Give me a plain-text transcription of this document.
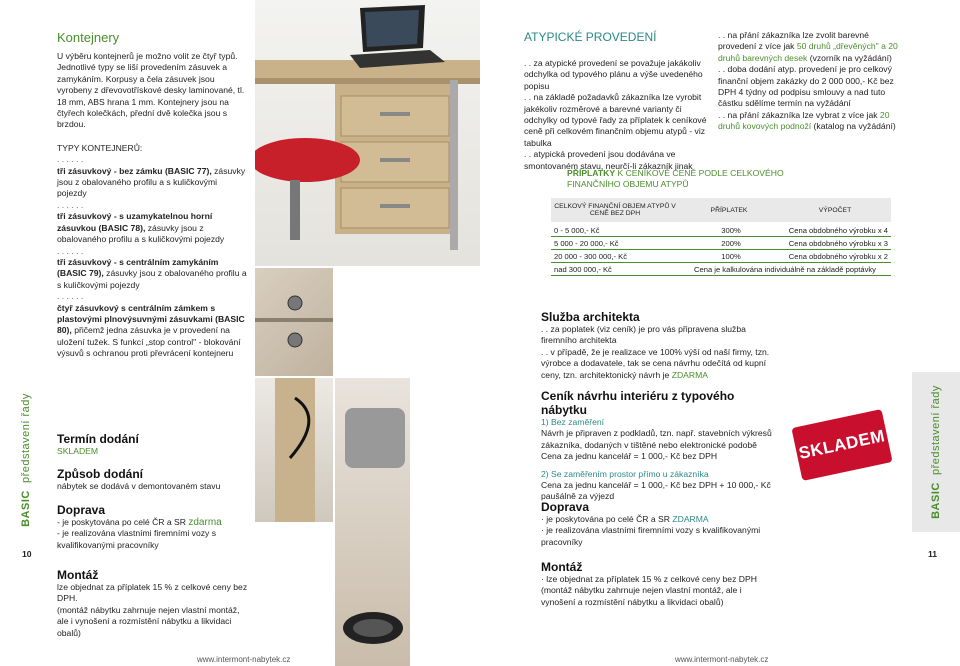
Kontejnery
U výběru kontejnerů je možno volit ze čtyř typů. Jednotlivé typy se liší provedením zásuvek a zamykáním. Korpusy a čela zásuvek jsou vyrobeny z dřevovotřískové desky laminované, tl. 18 mm, ABS hrana 1 mm. Kontejnery jsou na čtyřech kolečkách, přední dvě kolečka jsou s brzdou.
TYPY KONTEJNERŮ:
. . . . . .
tři zásuvkový - bez zámku (BASIC 77), zásuvky jsou z obalovaného profilu a s kuličkovými pojezdy
. . . . . .
tři zásuvkový - s uzamykatelnou horní zásuvkou (BASIC 78), zásuvky jsou z obalovaného profilu a s kuličkovými pojezdy
. . . . . .
tři zásuvkový - s centrálním zamykáním (BASIC 79), zásuvky jsou z obalovaného profilu a s kuličkovými pojezdy
. . . . . .
čtyř zásuvkový s centrálním zámkem s plastovými plnovýsuvnými zásuvkami (BASIC 80), přičemž jedna zásuvka je v provedení na uložení tužek. S funkcí „stop control" - blokování výsuvů s ochranou proti převrácení kontejneru
Termín dodání
SKLADEM
Způsob dodání
nábytek se dodává v demontovaném stavu
Doprava
- je poskytována po celé ČR a SR zdarma
- je realizována vlastními firemními vozy s kvalifikovanými pracovníky
Montáž
lze objednat za příplatek 15 % z celkové ceny bez DPH.
(montáž nábytku zahrnuje nejen vlastní montáž,
ale i vynošení a rozmístění nábytku a likvidaci obalů)
BASIC  představení řady
10
www.intermont-nabytek.cz
ATYPICKÉ PROVEDENÍ
. . za atypické provedení se považuje jakákoliv odchylka od typového plánu a výše uvedeného popisu
. . na základě požadavků zákazníka lze vyrobit jakékoliv rozměrové a barevné varianty či odchylky od typové řady za příplatek k ceníkové ceně při celkovém finančním objemu atypů - viz tabulka
. . atypická provedení jsou dodávána ve smontovaném stavu, neurčí-li zákazník jinak
. . na přání zákazníka lze zvolit barevné provedení z více jak 50 druhů „dřevěných" a 20 druhů barevných desek (vzorník na vyžádání)
. . doba dodání atyp. provedení je pro celkový finanční objem zakázky do 2 000 000,- Kč bez DPH 4 týdny od podpisu smlouvy a nad tuto částku sdělíme termín na vyžádání
. . na přání zákazníka lze vybrat z více jak 20 druhů kovových podnoží (katalog na vyžádání)
PŘÍPLATKY K CENÍKOVÉ CENĚ PODLE CELKOVÉHO FINANČNÍHO OBJEMU ATYPŮ
CELKOVÝ FINANČNÍ OBJEM ATYPŮ V CENĚ BEZ DPH	PŘÍPLATEK	VÝPOČET
0 - 5 000,- Kč	300%	Cena obdobného výrobku x 4
5 000 - 20 000,- Kč	200%	Cena obdobného výrobku x 3
20 000 - 300 000,- Kč	100%	Cena obdobného výrobku x 2
nad 300 000,- Kč	Cena je kalkulována individuálně na základě poptávky	
Služba architekta
. . za poplatek (viz ceník) je pro vás připravena služba firemního architekta
. . v případě, že je realizace ve 100% výší od naší firmy, tzn. výrobce a dodavatele, tak se cena návrhu odečítá od kupní ceny, tzn. architektonický návrh je ZDARMA
Ceník návrhu interiéru z typového nábytku
1) Bez zaměření
Návrh je připraven z podkladů, tzn. např. stavebních výkresů zákazníka, dodaných v tištěné nebo elektronické podobě
Cena za jednu kancelář = 1 000,- Kč bez DPH
2) Se zaměřením prostor přímo u zákazníka
Cena za jednu kancelář = 1 000,- Kč bez DPH + 10 000,- Kč paušálně za výjezd
Doprava
· je poskytována po celé ČR a SR ZDARMA
· je realizována vlastními firemními vozy s kvalifikovanými pracovníky
Montáž
· lze objednat za příplatek 15 % z celkové ceny bez DPH
(montáž nábytku zahrnuje nejen vlastní montáž, ale i vynošení a rozmístění nábytku a likvidaci obalů)
SKLADEM
BASIC  představení řady
11
www.intermont-nabytek.cz
